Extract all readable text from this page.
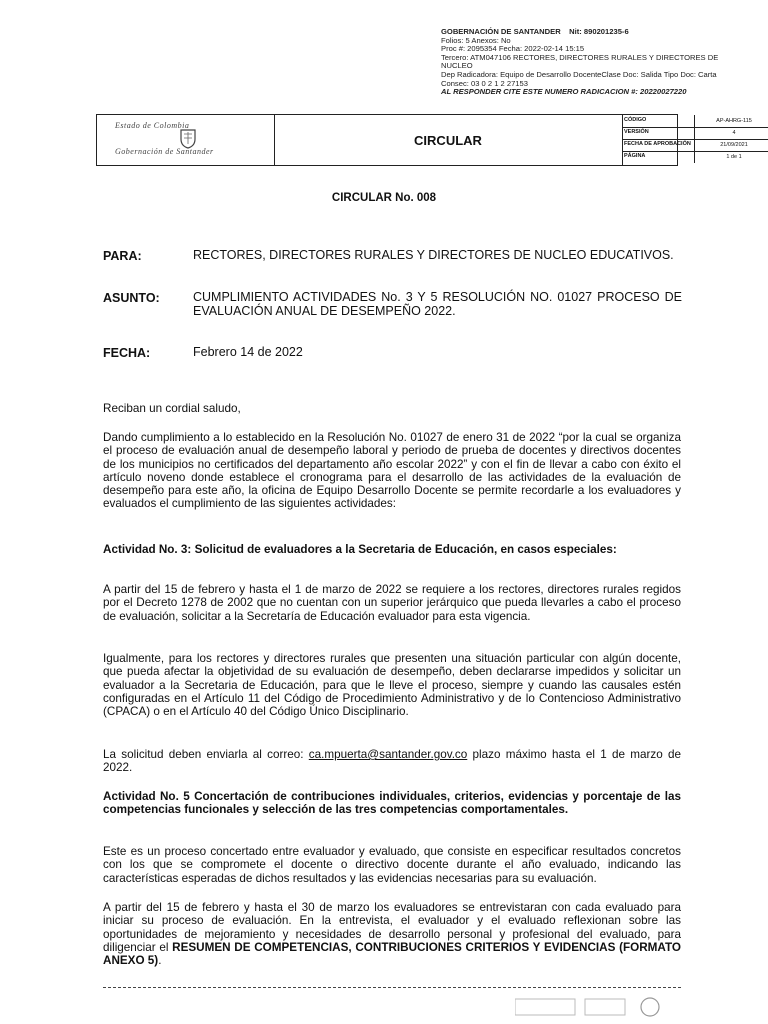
GOBERNACIÓN DE SANTANDER Nit: 890201235-6
Folios: 5 Anexos: No
Proc #: 2095354 Fecha: 2022-02-14 15:15
Tercero: ATM047106 RECTORES, DIRECTORES RURALES Y DIRECTORES DE NUCLEO
Dep Radicadora: Equipo de Desarrollo DocenteClase Doc: Salida Tipo Doc: Carta Consec: 03 0 2 1 2 27153
AL RESPONDER CITE ESTE NUMERO RADICACION #: 20220027220
Estado de Colombia
Gobernación de Santander
CIRCULAR
CÓDIGO	AP-AHRG-115
VERSIÓN	4
FECHA DE APROBACIÓN	21/09/2021
PÁGINA	1 de 1
CIRCULAR No. 008
PARA:	RECTORES, DIRECTORES RURALES Y DIRECTORES DE NUCLEO EDUCATIVOS.
ASUNTO:	CUMPLIMIENTO ACTIVIDADES No. 3 Y 5 RESOLUCIÓN NO. 01027 PROCESO DE EVALUACIÓN ANUAL DE DESEMPEÑO 2022.
FECHA:	Febrero 14 de 2022
Reciban un cordial saludo,
Dando cumplimiento a lo establecido en la Resolución No. 01027 de enero 31 de 2022 “por la cual se organiza el proceso de evaluación anual de desempeño laboral y periodo de prueba de docentes y directivos docentes de los municipios no certificados del departamento año escolar 2022” y con el fin de llevar a cabo con éxito el artículo noveno donde establece el cronograma para el desarrollo de las actividades de la evaluación de desempeño para este año, la oficina de Equipo Desarrollo Docente se permite recordarle a los evaluadores y evaluados el cumplimiento de las siguientes actividades:
Actividad No. 3: Solicitud de evaluadores a la Secretaria de Educación, en casos especiales:
A partir del 15 de febrero y hasta el 1 de marzo de 2022 se requiere a los rectores, directores rurales regidos por el Decreto 1278 de 2002 que no cuentan con un superior jerárquico que pueda llevarles a cabo el proceso de evaluación, solicitar a la Secretaría de Educación evaluador para esta vigencia.
Igualmente, para los rectores y directores rurales que presenten una situación particular con algún docente, que pueda afectar la objetividad de su evaluación de desempeño, deben declararse impedidos y solicitar un evaluador a la Secretaria de Educación, para que le lleve el proceso, siempre y cuando las causales estén configuradas en el Artículo 11 del Código de Procedimiento Administrativo y de lo Contencioso Administrativo (CPACA) o en el Artículo 40 del Código Único Disciplinario.
La solicitud deben enviarla al correo: ca.mpuerta@santander.gov.co plazo máximo hasta el 1 de marzo de 2022.
Actividad No. 5 Concertación de contribuciones individuales, criterios, evidencias y porcentaje de las competencias funcionales y selección de las tres competencias comportamentales.
Este es un proceso concertado entre evaluador y evaluado, que consiste en especificar resultados concretos con los que se compromete el docente o directivo docente durante el año evaluado, indicando las características esperadas de dichos resultados y las evidencias necesarias para su evaluación.
A partir del 15 de febrero y hasta el 30 de marzo los evaluadores se entrevistaran con cada evaluado para iniciar su proceso de evaluación. En la entrevista, el evaluador y el evaluado reflexionan sobre las oportunidades de mejoramiento y necesidades de desarrollo personal y profesional del evaluado, para diligenciar el RESUMEN DE COMPETENCIAS, CONTRIBUCIONES CRITERIOS Y EVIDENCIAS (FORMATO ANEXO 5).
